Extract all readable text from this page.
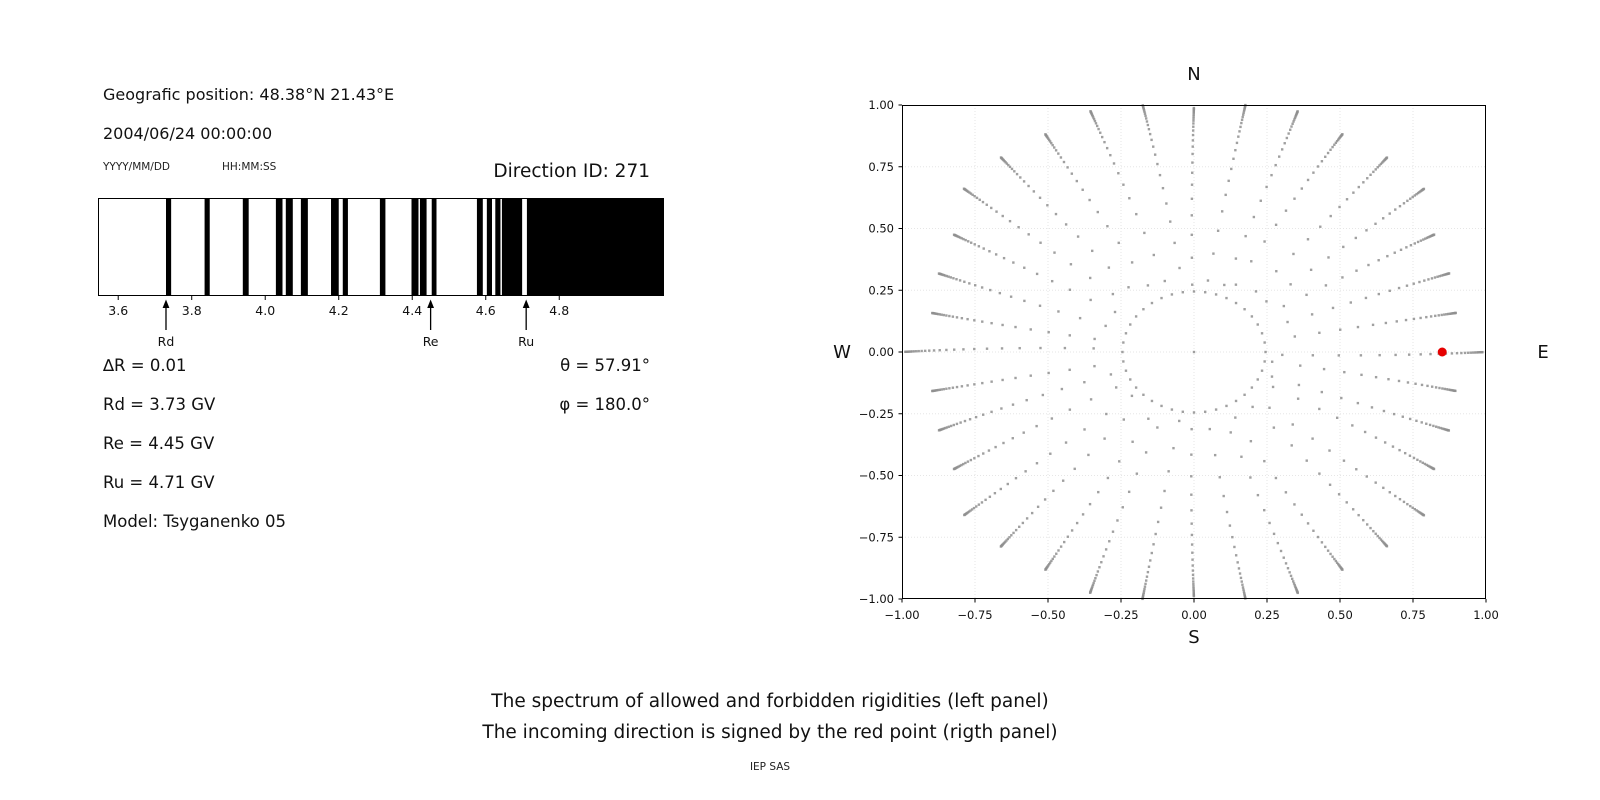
Geografic position: 48.38°N 21.43°E
2004/06/24 00:00:00
YYYY/MM/DD	HH:MM:SS	Direction ID: 271
3.6	3.8	4.0	4.2	4.4	4.6	4.8
Rd	Re	Ru
∆R = 0.01	θ = 57.91°
Rd = 3.73 GV	φ = 180.0°
Re = 4.45 GV
Ru = 4.71 GV
Model: Tsyganenko 05
−1.00	−0.75	−0.50	−0.25	0.00	0.25	0.50	0.75	1.00
1.00
0.75
0.50
0.25
0.00
−0.25
−0.50
−0.75
−1.00
N
S
W	E
The spectrum of allowed and forbidden rigidities (left panel)
The incoming direction is signed by the red point (rigth panel)
IEP SAS
